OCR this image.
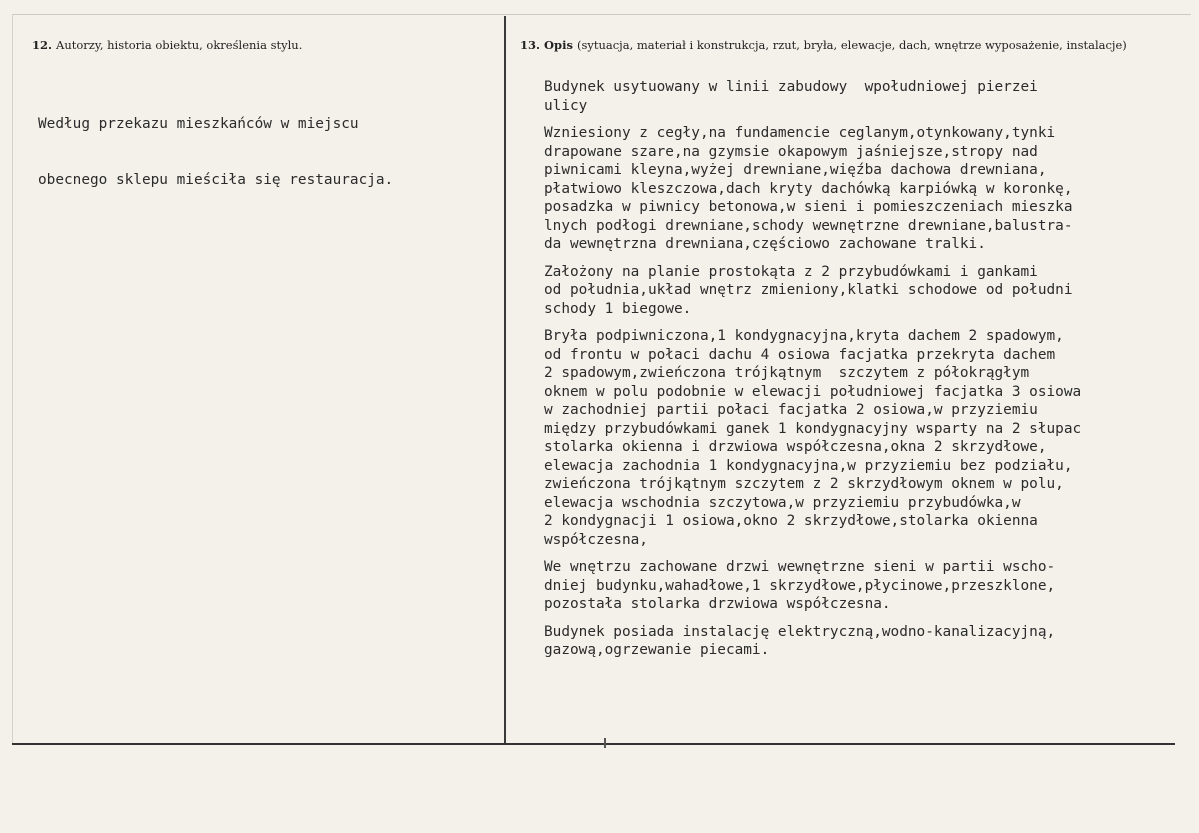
12. Autorzy, historia obiektu, określenia stylu.	13. Opis (sytuacja, materiał i konstrukcja, rzut, bryła, elewacje, dach, wnętrze wyposażenie, instalacje)

Według przekazu mieszkańców w miejscu

obecnego sklepu mieściła się restauracja.

Budynek usytuowany w linii zabudowy  wpołudniowej pierzei
ulicy
Wzniesiony z cegły,na fundamencie ceglanym,otynkowany,tynki
drapowane szare,na gzymsie okapowym jaśniejsze,stropy nad
piwnicami kleyna,wyżej drewniane,więźba dachowa drewniana,
płatwiowo kleszczowa,dach kryty dachówką karpiówką w koronkę,
posadzka w piwnicy betonowa,w sieni i pomieszczeniach mieszka
lnych podłogi drewniane,schody wewnętrzne drewniane,balustra-
da wewnętrzna drewniana,częściowo zachowane tralki.
Założony na planie prostokąta z 2 przybudówkami i gankami
od południa,układ wnętrz zmieniony,klatki schodowe od południ
schody 1 biegowe.
Bryła podpiwniczona,1 kondygnacyjna,kryta dachem 2 spadowym,
od frontu w połaci dachu 4 osiowa facjatka przekryta dachem
2 spadowym,zwieńczona trójkątnym  szczytem z półokrągłym
oknem w polu podobnie w elewacji południowej facjatka 3 osiowa
w zachodniej partii połaci facjatka 2 osiowa,w przyziemiu
między przybudówkami ganek 1 kondygnacyjny wsparty na 2 słupac
stolarka okienna i drzwiowa współczesna,okna 2 skrzydłowe,
elewacja zachodnia 1 kondygnacyjna,w przyziemiu bez podziału,
zwieńczona trójkątnym szczytem z 2 skrzydłowym oknem w polu,
elewacja wschodnia szczytowa,w przyziemiu przybudówka,w
2 kondygnacji 1 osiowa,okno 2 skrzydłowe,stolarka okienna
współczesna,
We wnętrzu zachowane drzwi wewnętrzne sieni w partii wscho-
dniej budynku,wahadłowe,1 skrzydłowe,płycinowe,przeszklone,
pozostała stolarka drzwiowa współczesna.
Budynek posiada instalację elektryczną,wodno-kanalizacyjną,
gazową,ogrzewanie piecami.
